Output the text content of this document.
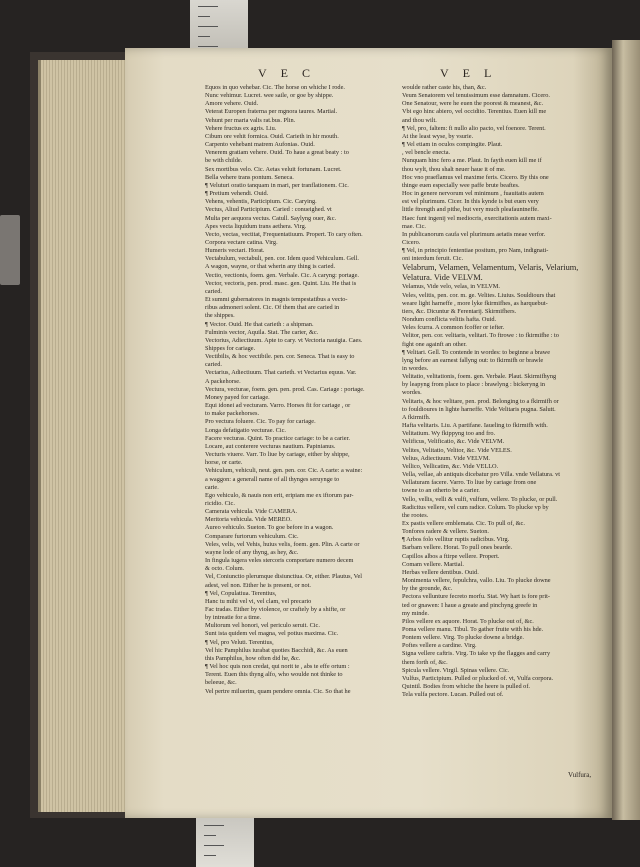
VEC	VEL
Equos in quo vehebar. Cic. The horse on whiche I rode.
Nunc vehimur. Lucret. wee saile, or goe by shippe.
Amore vehere. Ouid.
Veterat Europen fraterna per mgnora taures. Martial.
Vehunt per maria valis rat.bus. Plin.
Vehere fructus ex agris. Liu.
Cibum ore vehit formica. Ouid. Carieth in hir mouth.
Carpento vehebant matrem Aufonias. Ouid.
Venerem gratiam vehere. Ouid. To haue a great beaty : to
be with childe.
Sex mortibus velo. Cic. Aetas veluit fortunam. Lucret.
Bella vehere trans pontum. Seneca.
¶ Veluturi oratio tanquam in mari, per tranflationem. Cic.
¶ Pretium vehendi. Ouid.
Vehens, vehentis, Participium. Cic. Carying.
Vectus, Aliud Participium. Caried : conueighed. vt
Multa per aequora vectus. Catull. Saylyng ouer, &c.
Apes vecta liquidum trans aethera. Virg.
Vecto, vectas, vectitat, Frequentatiuum. Propert. To cary often.
Corpora vectare catina. Virg.
Humeris vectari. Horat.
Vectabulum, vectabuli, pen. cor. Idem quod Vehiculum. Gell.
A wagon, wayne, or that wherin any thing is caried.
Vectio, vectionis, foem. gen. Verbale. Cic. A caryng: portage.
Vector, vectoris, pen. prod. masc. gen. Quint. Liu. He that is
caried.
Et summi gubernatores in magnis tempestatibus a vecto-
ribus admoneri solent. Cic. Of them that are caried in
the shippes.
¶ Vector. Ouid. He that carieth : a shipman.
Fulminis vector, Aquila. Stat. The carier, &c.
Vectorius, Adiectiuum. Apte to cary. vt Vectoria nauigia. Caes.
Shippes for cariage.
Vectibilis, & hoc vectibile. pen. cor. Seneca. That is easy to
caried.
Vectarius, Adiectiuum. That carieth. vt Vectarius equus. Var.
A packehorse.
Vectura, vecturae, foem. gen. pen. prod. Cas. Cariage : portage.
Money payed for cariage.
Equi idonei ad vecturam. Varro. Horses fit for cariage , or
to make packehorses.
Pro vectura foluere. Cic. To pay for cariage.
Longa defatigatio vecturae. Cic.
Facere vecturas. Quint. To practice cariage: to be a carier.
Locare, aut conterere vecturas nautium. Papinianus.
Vecturis viuere. Varr. To liue by cariage, either by shippe,
horse, or carte.
Vehiculum, vehiculi, neut. gen. pen. cor. Cic. A carte: a waine:
a waggon: a generall name of all thynges seruynge to
carie.
Ego vehiculo, & nauis non erit, eripiam me ex iftorum par-
ricidio. Cic.
Camerata vehicula. Vide CAMERA.
Meritoria vehicula. Vide MEREO.
Aureo vehiculo. Sueton. To goe before in a wagon.
Comparare furtorum vehiculum. Cic.
Veles, velis, vel Vehis, huius velis, foem. gen. Plin. A carte or
wayne lode of any thyng, as hey, &c.
In fingula iugera veles stercoris comportare numero decem
& octo. Colum.
Vel, Coniunctio plerumque disiunctiua. Or, either. Plautus, Vel
adest, vel non. Either he is present, or not.
¶ Vel, Copulatiua. Terentius,
Hanc tu mihi vel vi, vel clam, vel precario
Fac tradas. Either by violence, or craftely by a shifte, or
by intreatie for a time.
Multorum vel honori, vel periculo seruit. Cic.
Sunt ista quidem vel magna, vel potius maxima. Cic.
¶ Vel, pro Veluti. Terentius,
Vel hic Pamphilus iurabat quoties Bacchidi, &c. As euen
this Pamphilus, how often did he, &c.
¶ Vel hoc quis non credat, qui norit te , abs te effe ortum :
Terent. Euen this thyng alfo, who woulde not thinke to
beleeue, &c.
Vel pertre miluerim, quam pendere omnia. Cic. So that he
woulde rather caste his, than, &c.
Veum Senatorem vel tenuissimum esse damnatum. Cicero.
One Senatour, were he euen the poorest & meanest, &c.
Vbi ego hinc abiero, vel occidito. Terentius. Euen kill me
and thou wilt.
¶ Vel, pro, faltem: fi nullo alio pacto, vel foenore. Terent.
At the least wyse, by vsurie.
¶ Vel etiam in oculos compingite. Plaut.
, vel bencle enecta.
Nunquam hinc fero a me. Plaut. In fayth euen kill me if
thou wylt, thou shalt neuer haue it of me.
Hoc vno praeflamus vel maxime feris. Cicero. By this one
thinge euen especially wee paffe brute beaftes.
Hoc in genere nervorum vel minimum , fuauitatis autem
est vel plurimum. Cicer. In this kynde is but euen very
little ftrength and pithe, but very much pleafauntneffe.
Haec funt ingenij vel mediocris, exercitationis autem maxi-
mae. Cic.
In publicanorum caufa vel plurimum aetatis meae verfor.
Cicero.
¶ Vel, in principio fententiae positum, pro Nam, indignati-
oni interdum feruit. Cic.
Velabrum, Velamen, Velamentum, Velaris, Velarium,
Velatura. Vide VELVM.
Velamus, Vide velo, velas, in VELVM.
Veles, velitis, pen. cor. m. ge. Velites. Liuius. Souldiours that
weare light harneffe , more lyke fkirmifhes, as harquebut-
tiers, &c. Dicuntur & Ferentarij. Skirmifhers.
Nondum conflicta velitis hafta. Ouid.
Veles fcurra. A common fcoffer or iefter.
Velitor, pen. cor. velitaris, velitari. To ftrowe : to fkirmifhe : to
fight one againft an other.
¶ Velitari. Gell. To contende in wordes: to beginne a brawe
lyng before an earnest fallyng out: to fkirmifh or brawle
in wordes.
Velitatio, velitationis, foem. gen. Verbale. Plaut. Skirmifhyng
by leapyng from place to place : brawlyng : bickeryng in
wordes.
Velitaris, & hoc velitare, pen. prod. Belonging to a fkirmifh or
to fouldioures in lighte harneffe. Vide Velitaris pugna. Salutt.
A fkirmifh.
Hafta velitaris. Liu. A partifane. Iaueling to fkirmifh with.
Velitatium. Wy fkippyng too and fro.
Velificus, Velificatio, &c. Vide VELVM.
Velites, Velitatio, Velitor, &c. Vide VELES.
Velius, Adiectiuum. Vide VELVM.
Vellico, Vellicatim, &c. Vide VELLO.
Vella, vellae, ab antiquis dicebatur pro Villa. vnde Vellatura. vt
Vellaturam facere. Varro. To liue by cariage from one
towne to an otherto be a carier.
Vello, vellis, velli & vulfi, vulfum, vellere. To plucke, or pull.
Radicitus vellere, vel cum radice. Colum. To plucke vp by
the rootes.
Ex pastis vellere emblemata. Cic. To pull of, &c.
Tonfores radere & vellere. Sueton.
¶ Arbos folo vellitur ruptis radicibus. Virg.
Barbam vellere. Horat. To pull ones bearde.
Capillos albos a ftirpe vellere. Propert.
Comam vellere. Martial.
Herbas vellere dentibus. Ouid.
Monimenta vellere, fepulchra, vallo. Liu. To plucke downe
by the grounde, &c.
Pectora vellunture fecreto morfu. Stat. Wy hart is fore prit-
ted or gnawen: I haue a greate and pinchyng greefe in
my minde.
Pilos vellere ex aquore. Horat. To plucke out of, &c.
Poma vellere manu. Tibul. To gather fruite with his hde.
Pontem vellere. Virg. To plucke downe a bridge.
Poftes vellere a cardine. Virg.
Signa vellere caftris. Virg. To take vp the flagges and carry
them forth of, &c.
Spicula vellere. Virgil. Spinas vellere. Cic.
Vulfus, Participium. Pulled or plucked of. vt, Vulfa corpora.
Quintil. Bodies from whiche the heere is pulled of.
Tela vulfa pectore. Lucan. Pulled out of.
Vulfura,
